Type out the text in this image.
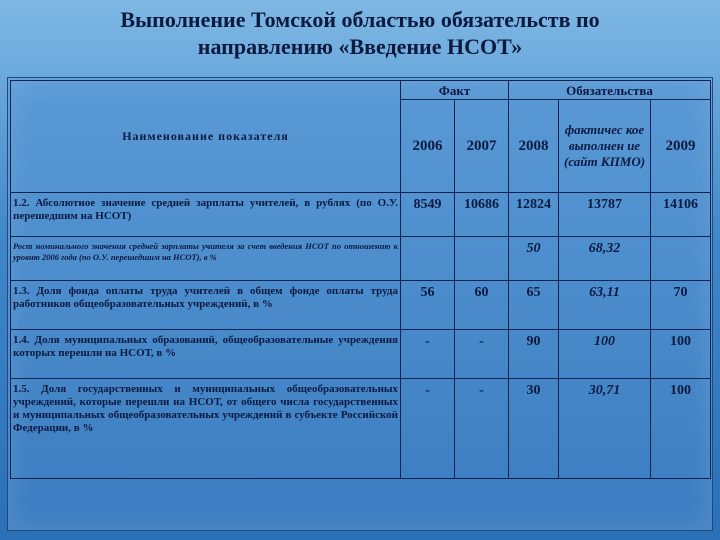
Выполнение Томской областью обязательств по
направлению «Введение НСОТ»
Наименование показателя	Факт		Обязательства		
	2006	2007	2008	фактичес кое выполнен ие (сайт КПМО)	2009
1.2. Абсолютное значение средней зарплаты учителей, в рублях (по О.У. перешедшим на НСОТ)	8549	10686	12824	13787	14106
Рост номинального значения средней зарплаты учителя за счет введения НСОТ по отношению к уровню 2006 года (по О.У. перешедшим на НСОТ), в %			50	68,32	
1.3. Доля фонда оплаты труда учителей в общем фонде оплаты труда работников общеобразовательных учреждений, в %	56	60	65	63,11	70
1.4. Доля муниципальных образований, общеобразовательные учреждения которых перешли на НСОТ, в %	-	-	90	100	100
1.5. Доля государственных и муниципальных общеобразовательных учреждений, которые перешли на НСОТ, от общего числа государственных и муниципальных общеобразовательных учреждений в субъекте Российской Федерации, в %	-	-	30	30,71	100
